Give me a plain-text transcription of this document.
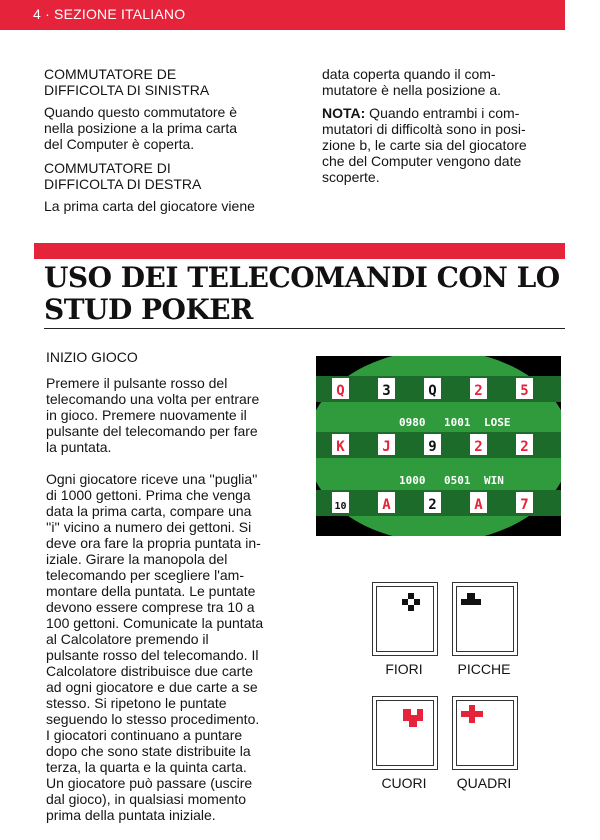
4 · SEZIONE ITALIANO

COMMUTATORE DE

DIFFICOLTA DI SINISTRA

Quando questo commutatore è

nella posizione a la prima carta

del Computer è coperta.

COMMUTATORE DI

DIFFICOLTA DI DESTRA

La prima carta del giocatore viene

data coperta quando il com-

mutatore è nella posizione a.

NOTA: Quando entrambi i com-

mutatori di difficoltà sono in posi-

zione b, le carte sia del giocatore

che del Computer vengono date

scoperte.

USO DEI TELECOMANDI CON LO
STUD POKER

INIZIO GIOCO

Premere il pulsante rosso del

telecomando una volta per entrare

in gioco. Premere nuovamente il

pulsante del telecomando per fare

la puntata.

Ogni giocatore riceve una ''puglia''

di 1000 gettoni. Prima che venga

data la prima carta, compare una

''i'' vicino a numero dei gettoni. Si

deve ora fare la propria puntata in-

iziale. Girare la manopola del

telecomando per scegliere l'am-

montare della puntata. Le puntate

devono essere comprese tra 10 a

100 gettoni. Comunicate la puntata

al Calcolatore premendo il

pulsante rosso del telecomando. Il

Calcolatore distribuisce due carte

ad ogni giocatore e due carte a se

stesso. Si ripetono le puntate

seguendo lo stesso procedimento.

I giocatori continuano a puntare

dopo che sono state distribuite la

terza, la quarta e la quinta carta.

Un giocatore può passare (uscire

dal gioco), in qualsiasi momento

prima della puntata iniziale.

Q	3	Q	2	5
K	J	9	2	2
0980 1001 LOSE
10	A	2	A	7
1000 0501 WIN
FIORI	PICCHE
CUORI	QUADRI
